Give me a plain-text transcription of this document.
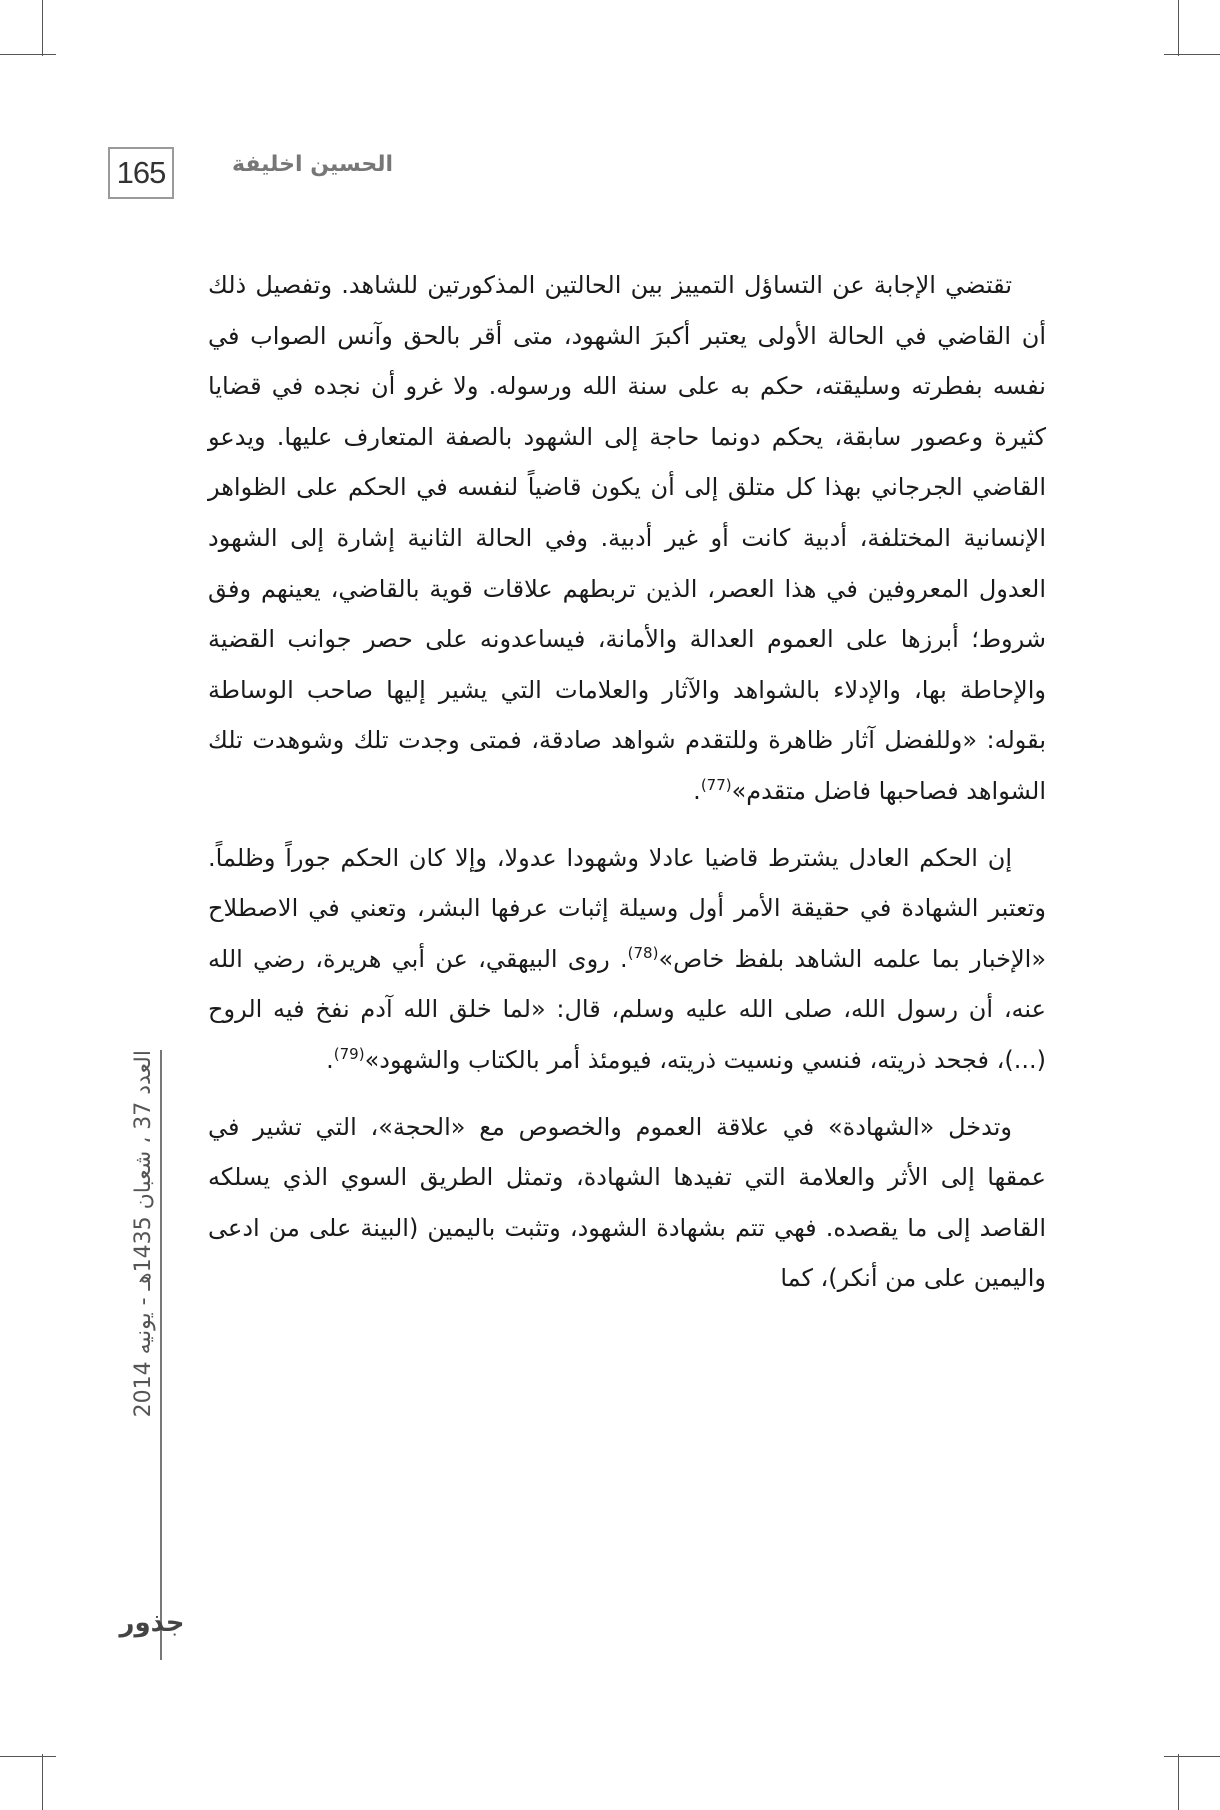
165	الحسين اخليفة

تقتضي الإجابة عن التساؤل التمييز بين الحالتين المذكورتين للشاهد. وتفصيل ذلك أن القاضي في الحالة الأولى يعتبر أكبرَ الشهود، متى أقر بالحق وآنس الصواب في نفسه بفطرته وسليقته، حكم به على سنة الله ورسوله. ولا غرو أن نجده في قضايا كثيرة وعصور سابقة، يحكم دونما حاجة إلى الشهود بالصفة المتعارف عليها. ويدعو القاضي الجرجاني بهذا كل متلق إلى أن يكون قاضياً لنفسه في الحكم على الظواهر الإنسانية المختلفة، أدبية كانت أو غير أدبية. وفي الحالة الثانية إشارة إلى الشهود العدول المعروفين في هذا العصر، الذين تربطهم علاقات قوية بالقاضي، يعينهم وفق شروط؛ أبرزها على العموم العدالة والأمانة، فيساعدونه على حصر جوانب القضية والإحاطة بها، والإدلاء بالشواهد والآثار والعلامات التي يشير إليها صاحب الوساطة بقوله: «وللفضل آثار ظاهرة وللتقدم شواهد صادقة، فمتى وجدت تلك وشوهدت تلك الشواهد فصاحبها فاضل متقدم»$^{(77)}$.

إن الحكم العادل يشترط قاضيا عادلا وشهودا عدولا، وإلا كان الحكم جوراً وظلماً. وتعتبر الشهادة في حقيقة الأمر أول وسيلة إثبات عرفها البشر، وتعني في الاصطلاح «الإخبار بما علمه الشاهد بلفظ خاص»$^{(78)}$. روى البيهقي، عن أبي هريرة، رضي الله عنه، أن رسول الله، صلى الله عليه وسلم، قال: «لما خلق الله آدم نفخ فيه الروح (...)، فجحد ذريته، فنسي ونسيت ذريته، فيومئذ أمر بالكتاب والشهود»$^{(79)}$.

وتدخل «الشهادة» في علاقة العموم والخصوص مع «الحجة»، التي تشير في عمقها إلى الأثر والعلامة التي تفيدها الشهادة، وتمثل الطريق السوي الذي يسلكه القاصد إلى ما يقصده. فهي تتم بشهادة الشهود، وتثبت باليمين (البينة على من ادعى واليمين على من أنكر)، كما

العدد 37 ، شعبان 1435هـ - يونيه 2014
جذور
